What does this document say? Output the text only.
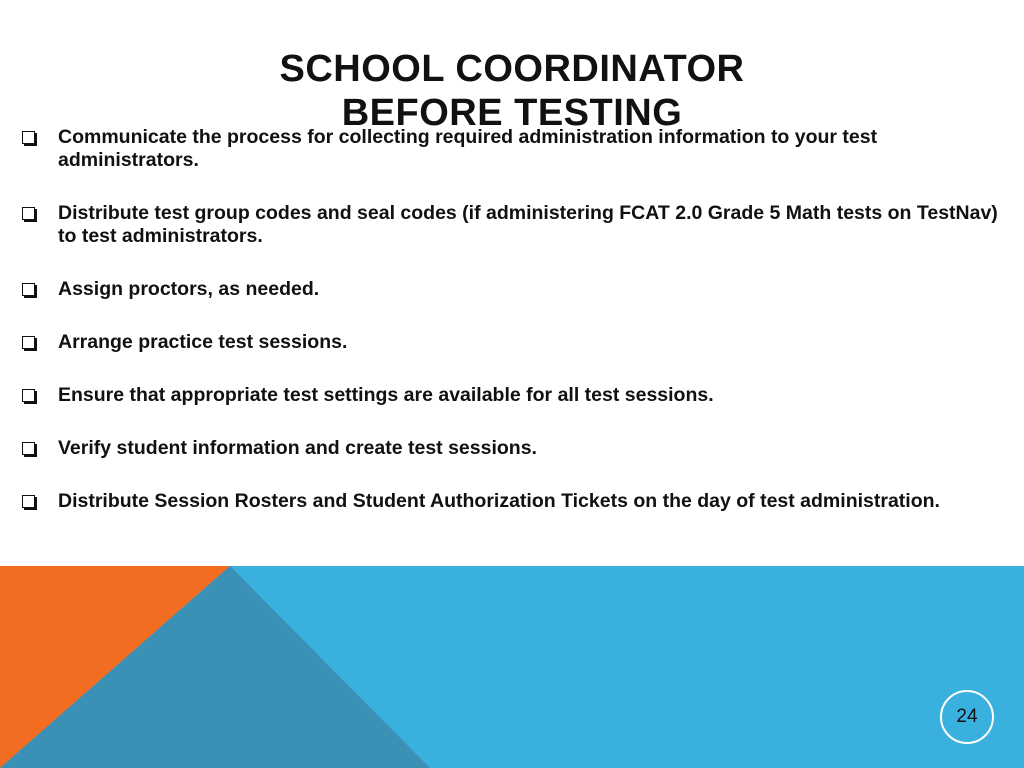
SCHOOL COORDINATOR
BEFORE TESTING
Communicate the process for collecting required administration information to your test administrators.
Distribute test group codes and seal codes (if administering FCAT 2.0 Grade 5 Math tests on TestNav) to test administrators.
Assign proctors, as needed.
Arrange practice test sessions.
Ensure that appropriate test settings are available for all test sessions.
Verify student information and create test sessions.
Distribute Session Rosters and Student Authorization Tickets on the day of test administration.
24
